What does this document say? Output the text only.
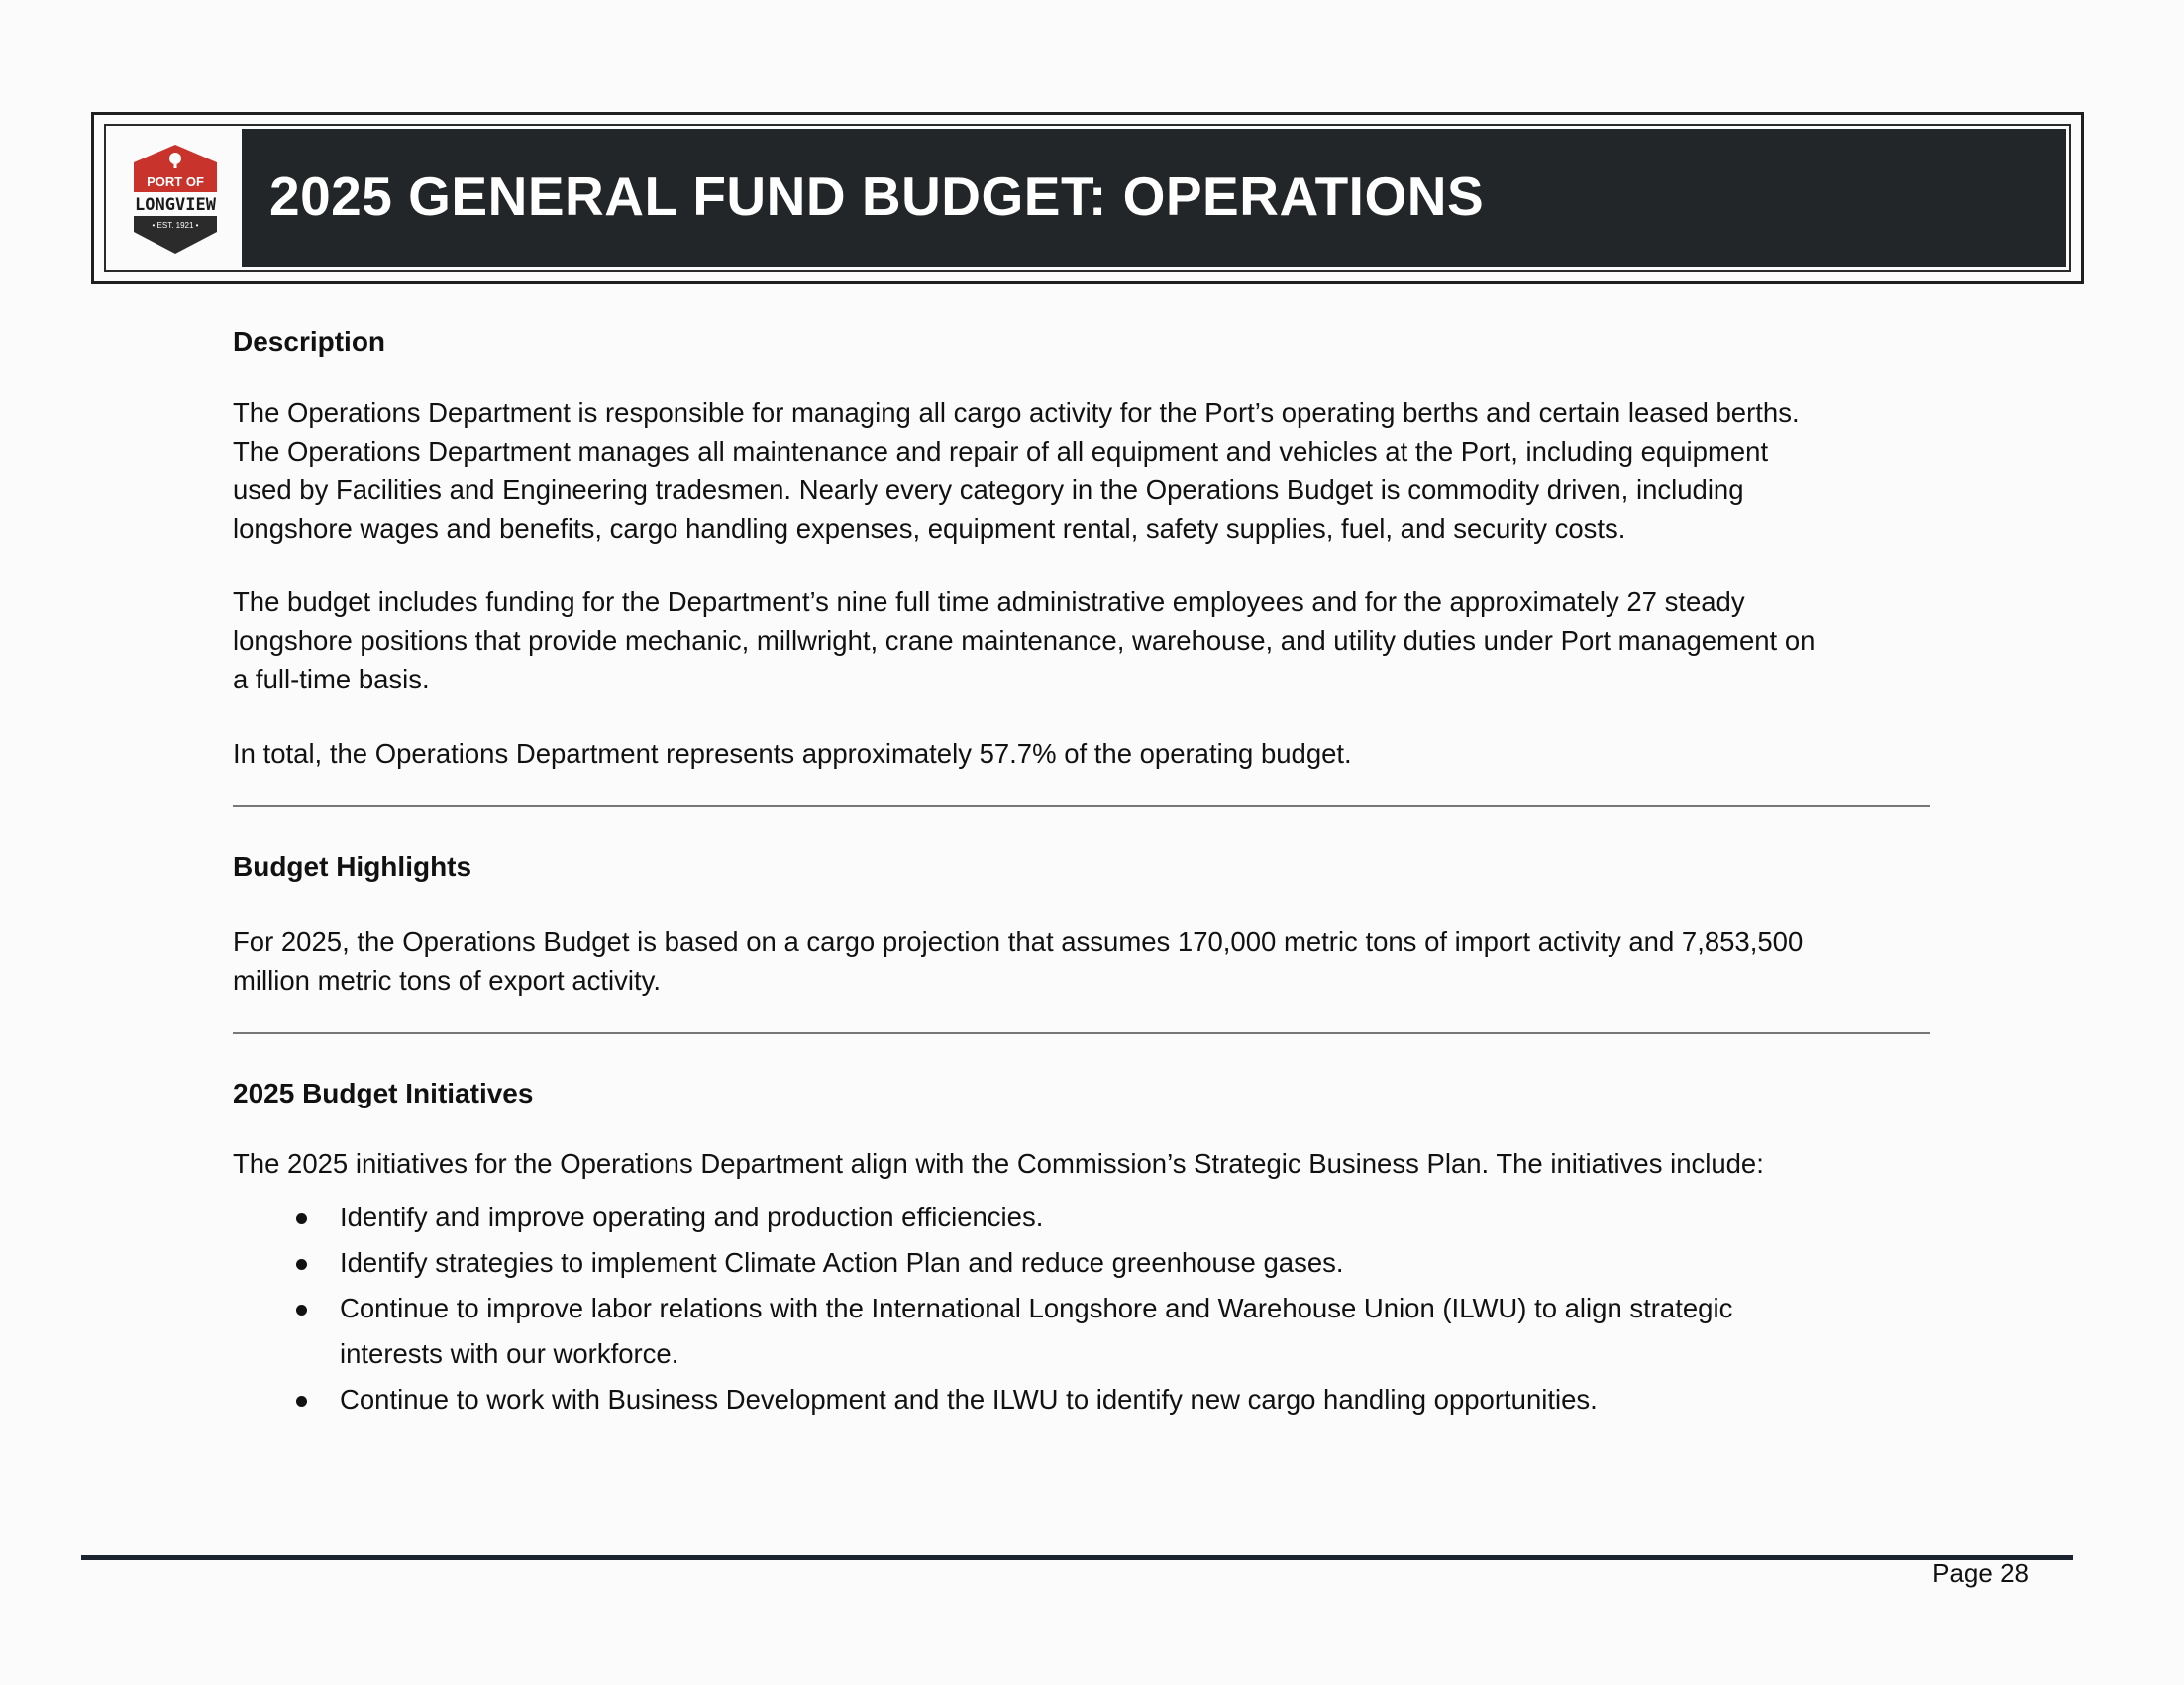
PORT OF
LONGVIEW
• EST. 1921 • 2025 GENERAL FUND BUDGET: OPERATIONS
Description
The Operations Department is responsible for managing all cargo activity for the Port’s operating berths and certain leased berths.
The Operations Department manages all maintenance and repair of all equipment and vehicles at the Port, including equipment
used by Facilities and Engineering tradesmen. Nearly every category in the Operations Budget is commodity driven, including
longshore wages and benefits, cargo handling expenses, equipment rental, safety supplies, fuel, and security costs.
The budget includes funding for the Department’s nine full time administrative employees and for the approximately 27 steady
longshore positions that provide mechanic, millwright, crane maintenance, warehouse, and utility duties under Port management on
a full-time basis.
In total, the Operations Department represents approximately 57.7% of the operating budget.
Budget Highlights
For 2025, the Operations Budget is based on a cargo projection that assumes 170,000 metric tons of import activity and 7,853,500
million metric tons of export activity.
2025 Budget Initiatives
The 2025 initiatives for the Operations Department align with the Commission’s Strategic Business Plan. The initiatives include:
Identify and improve operating and production efficiencies.
Identify strategies to implement Climate Action Plan and reduce greenhouse gases.
Continue to improve labor relations with the International Longshore and Warehouse Union (ILWU) to align strategic
interests with our workforce.
Continue to work with Business Development and the ILWU to identify new cargo handling opportunities.
Page 28
